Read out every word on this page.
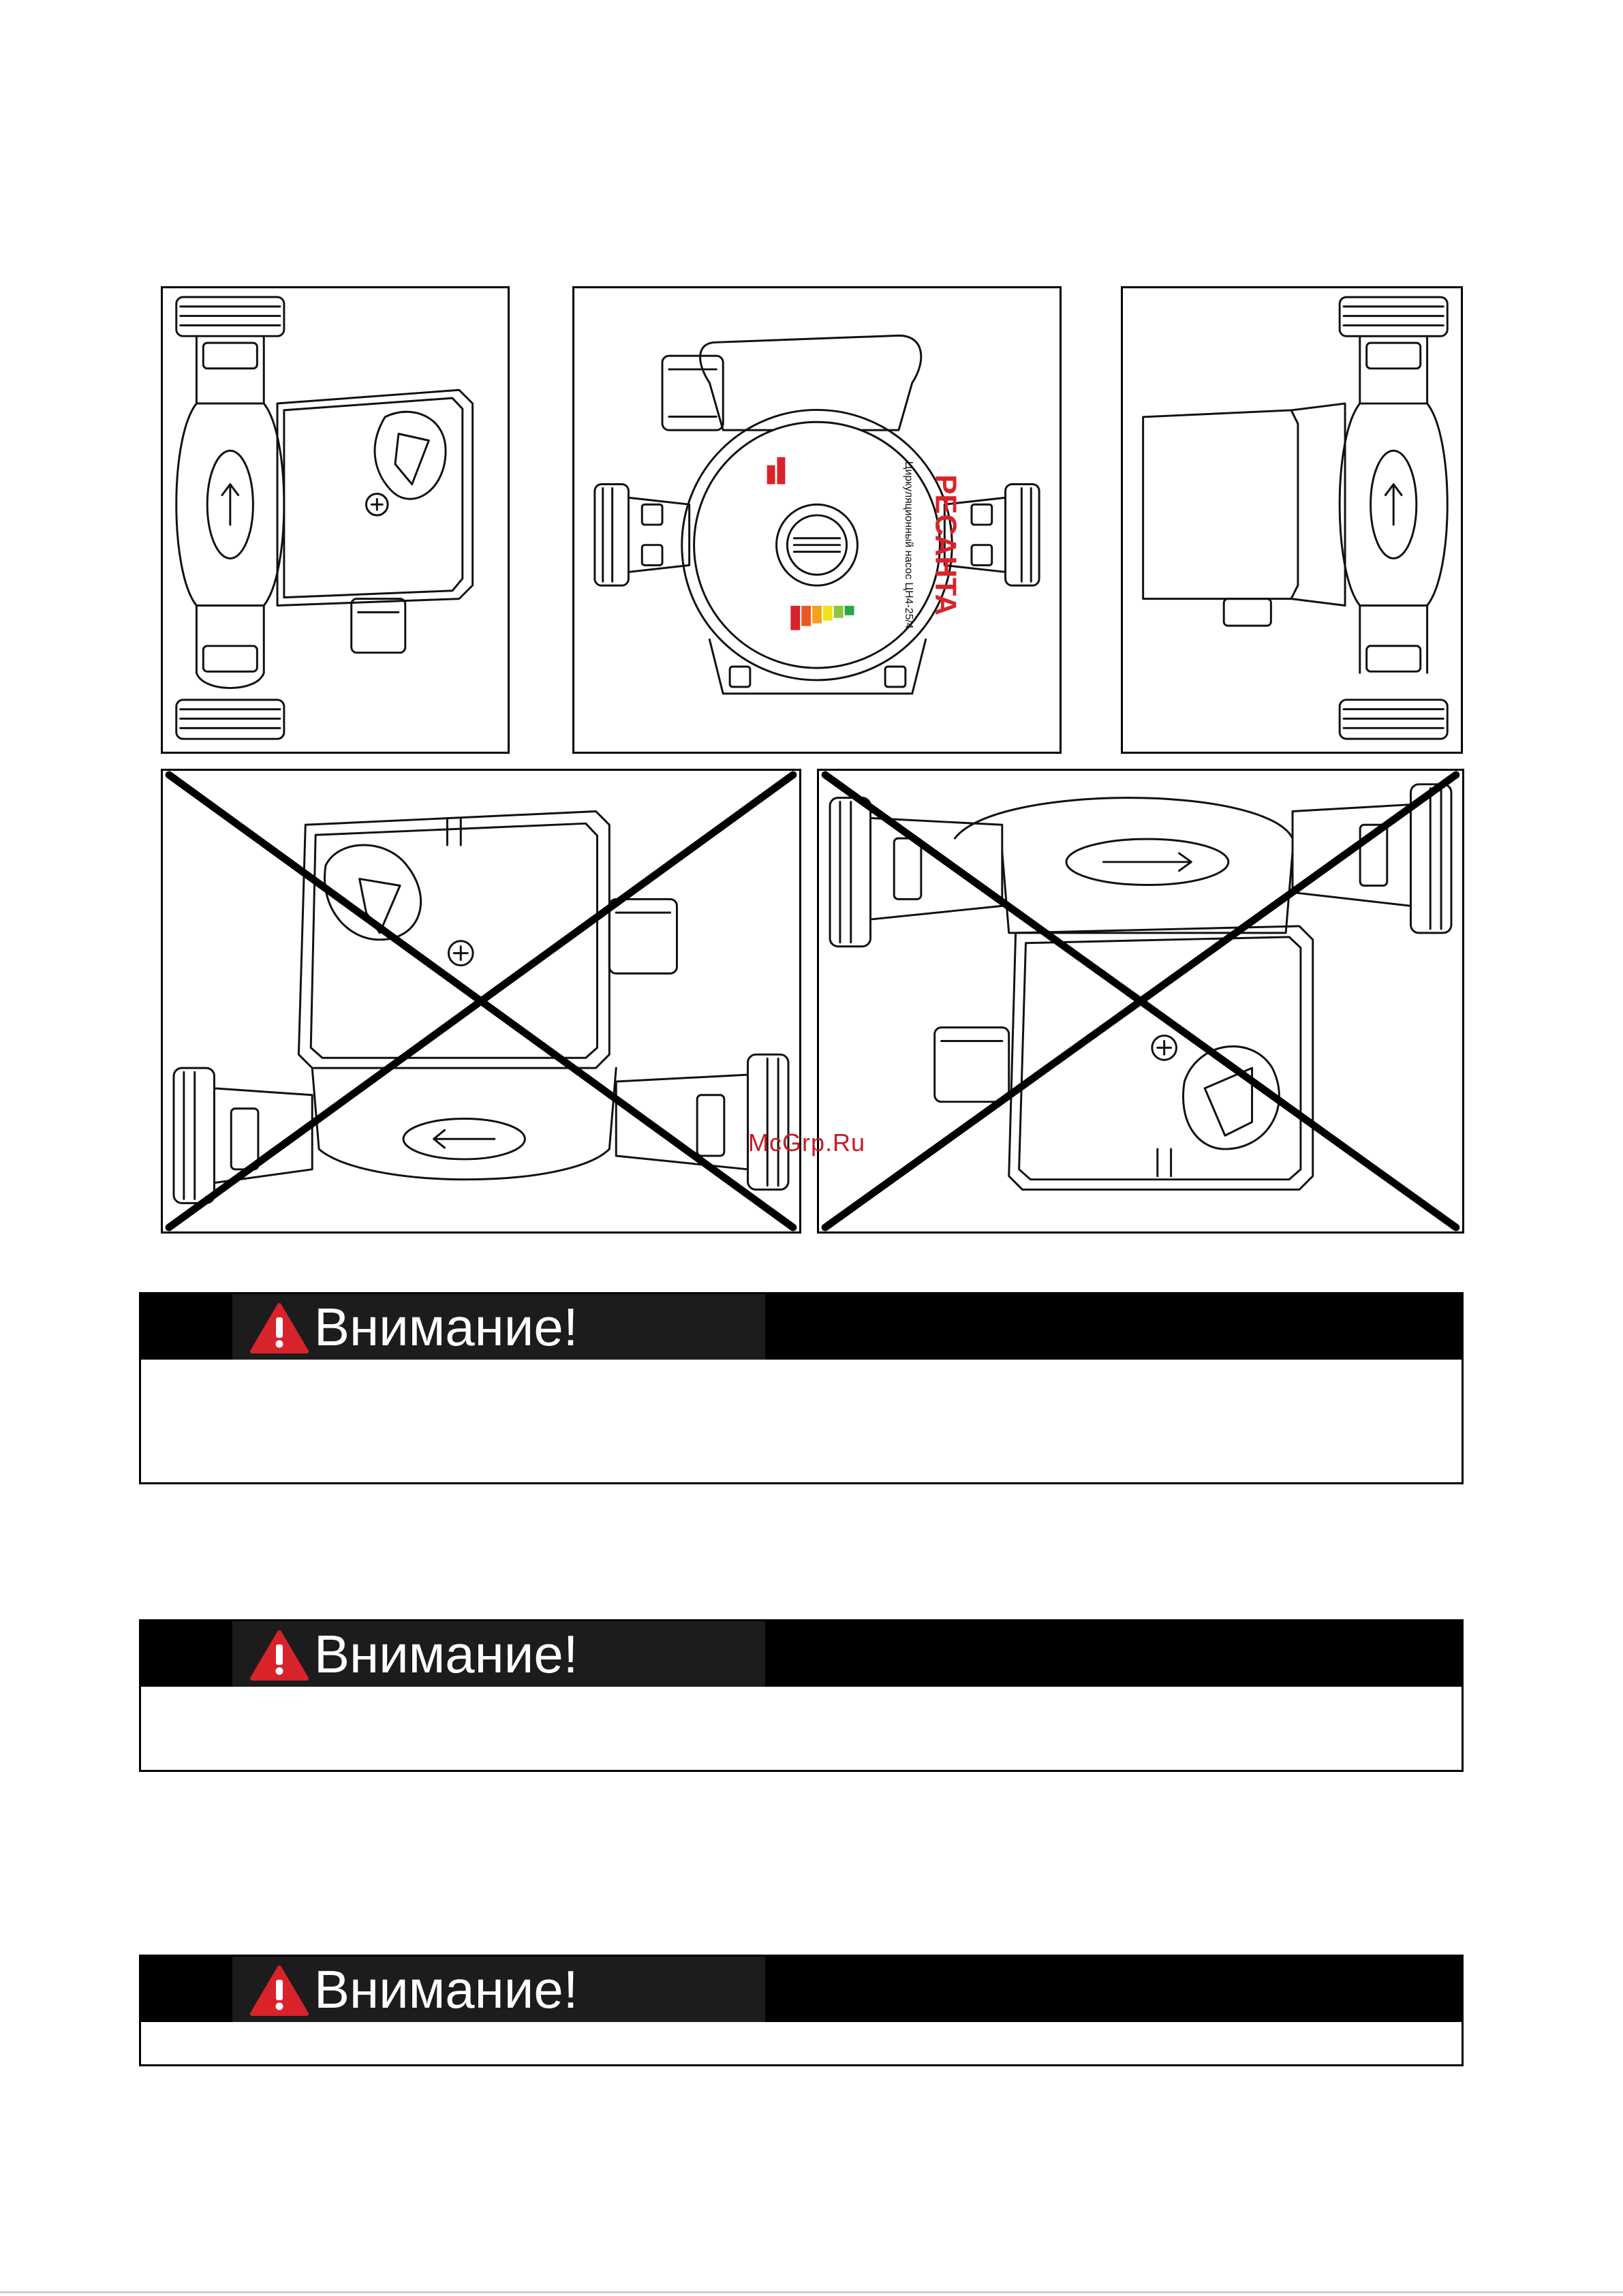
РЕСАНТА
Циркуляционный насос ЦН4-25/4
McGrp.Ru
Внимание!
Внимание!
Внимание!
